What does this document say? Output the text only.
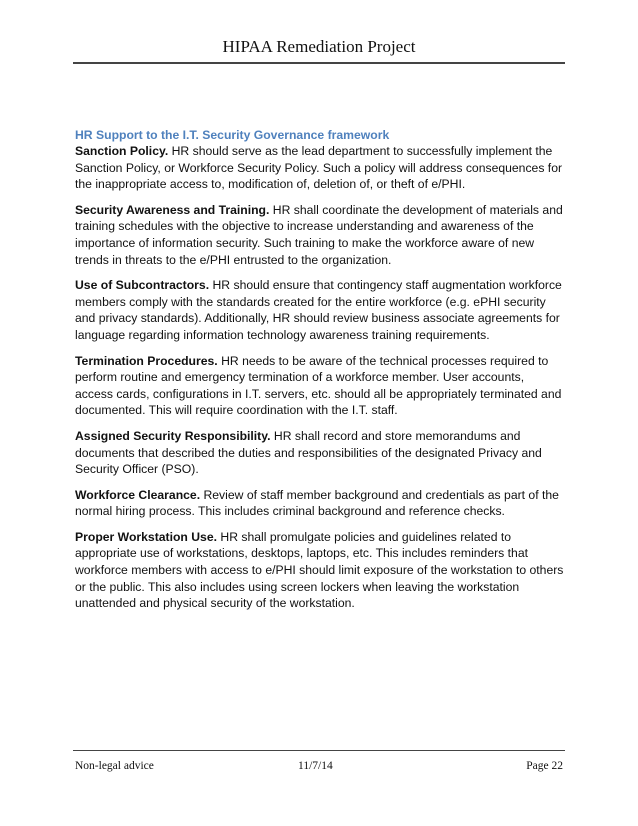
HIPAA Remediation Project

HR Support to the I.T. Security Governance framework

Sanction Policy. HR should serve as the lead department to successfully implement the Sanction Policy, or Workforce Security Policy. Such a policy will address consequences for the inappropriate access to, modification of, deletion of, or theft of e/PHI.

Security Awareness and Training. HR shall coordinate the development of materials and training schedules with the objective to increase understanding and awareness of the importance of information security. Such training to make the workforce aware of new trends in threats to the e/PHI entrusted to the organization.

Use of Subcontractors. HR should ensure that contingency staff augmentation workforce members comply with the standards created for the entire workforce (e.g. ePHI security and privacy standards). Additionally, HR should review business associate agreements for language regarding information technology awareness training requirements.

Termination Procedures. HR needs to be aware of the technical processes required to perform routine and emergency termination of a workforce member. User accounts, access cards, configurations in I.T. servers, etc. should all be appropriately terminated and documented. This will require coordination with the I.T. staff.

Assigned Security Responsibility. HR shall record and store memorandums and documents that described the duties and responsibilities of the designated Privacy and Security Officer (PSO).

Workforce Clearance. Review of staff member background and credentials as part of the normal hiring process. This includes criminal background and reference checks.

Proper Workstation Use. HR shall promulgate policies and guidelines related to appropriate use of workstations, desktops, laptops, etc. This includes reminders that workforce members with access to e/PHI should limit exposure of the workstation to others or the public. This also includes using screen lockers when leaving the workstation unattended and physical security of the workstation.

Non-legal advice	11/7/14	Page 22
